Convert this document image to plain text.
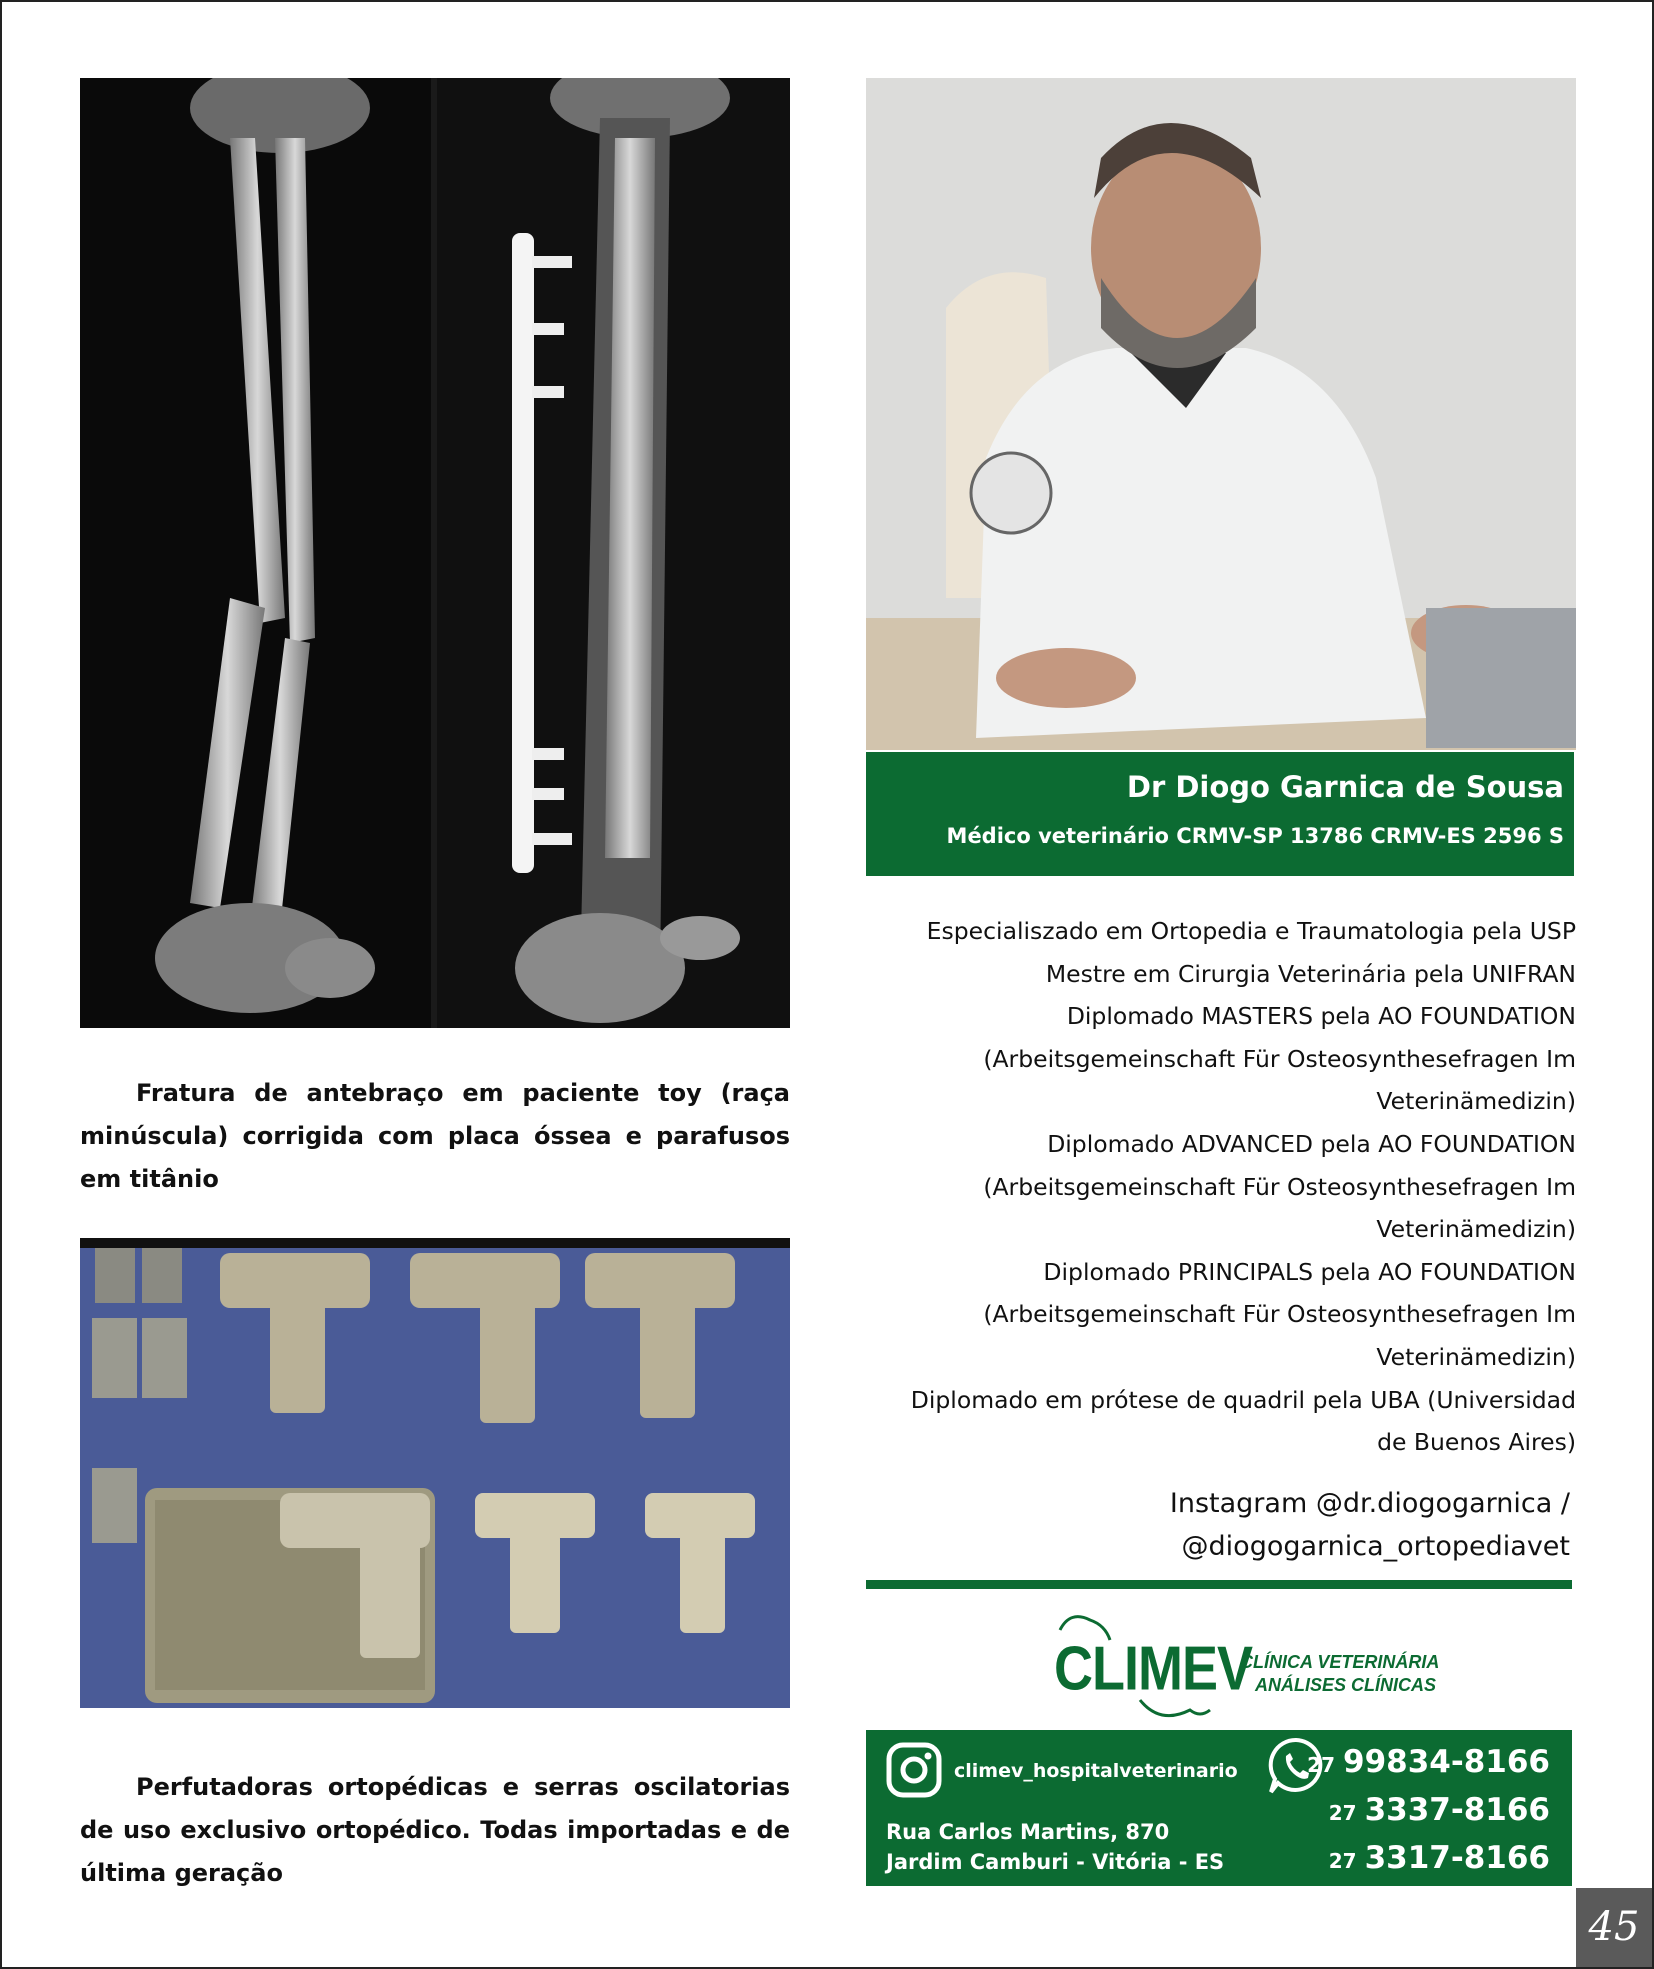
Fratura de antebraço em paciente toy (raça minúscula) corrigida com placa óssea e parafusos em titânio

Perfutadoras ortopédicas e serras oscilatorias de uso exclusivo ortopédico. Todas importadas e de última geração

Dr Diogo Garnica de Sousa
Médico veterinário CRMV-SP 13786 CRMV-ES 2596 S

Especialiszado em Ortopedia e Traumatologia pela USP

Mestre em Cirurgia Veterinária pela UNIFRAN

Diplomado MASTERS pela AO FOUNDATION (Arbeitsgemeinschaft Für Osteosynthesefragen Im Veterinämedizin)

Diplomado ADVANCED pela AO FOUNDATION (Arbeitsgemeinschaft Für Osteosynthesefragen Im Veterinämedizin)

Diplomado PRINCIPALS pela AO FOUNDATION (Arbeitsgemeinschaft Für Osteosynthesefragen Im Veterinämedizin)

Diplomado em prótese de quadril pela UBA (Universidad de Buenos Aires)

Instagram @dr.diogogarnica /

@diogogarnica_ortopediavet

CLIMEV
CLÍNICA VETERINÁRIA
ANÁLISES CLÍNICAS
climev_hospitalveterinario
Rua Carlos Martins, 870
Jardim Camburi - Vitória - ES
27 99834-8166
27 3337-8166
27 3317-8166
45
